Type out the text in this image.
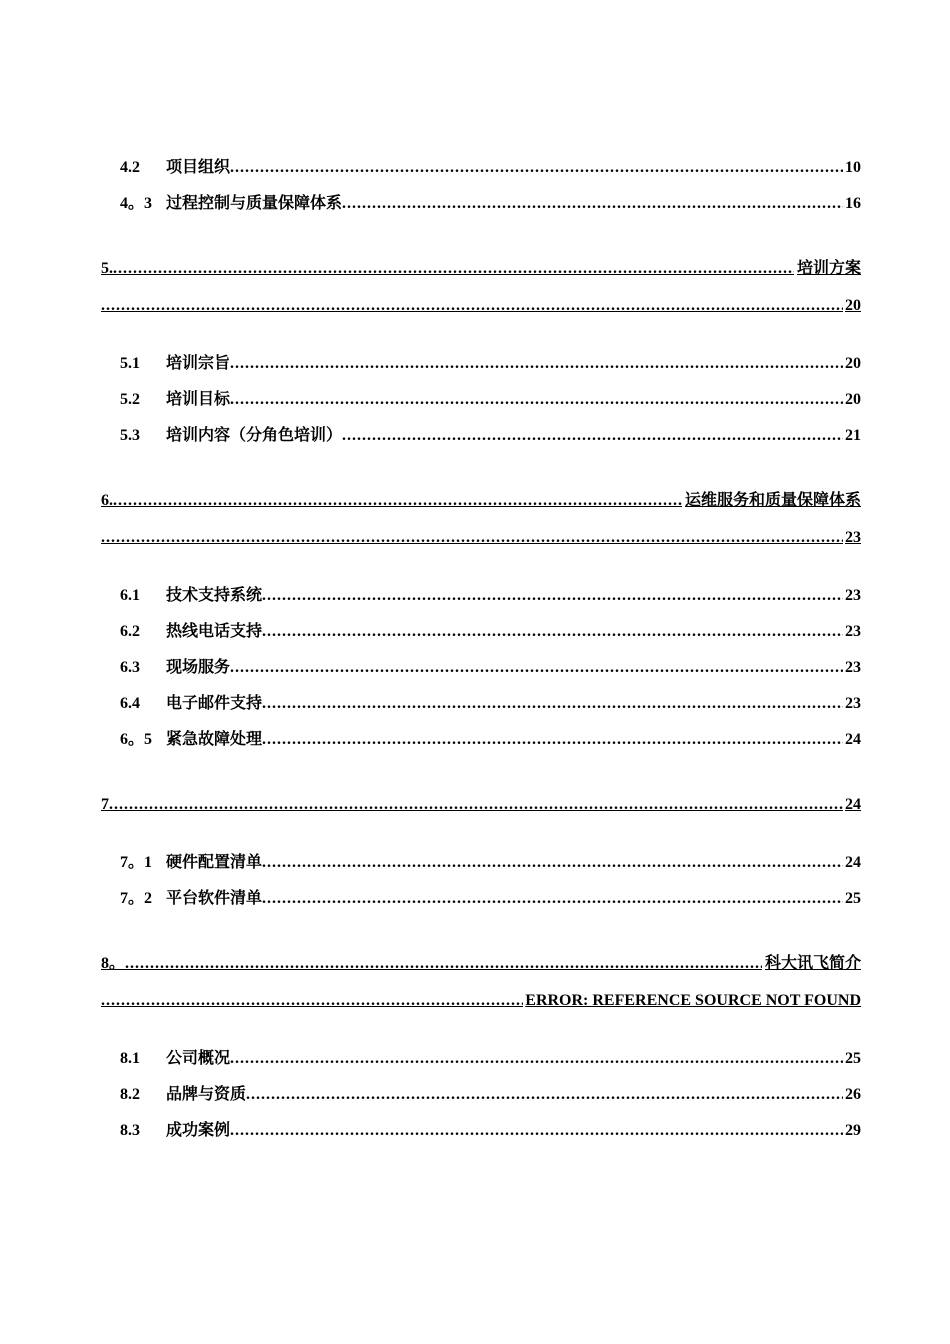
4.2	项目组织 .....	10
4。3 过程控制与质量保障体系 .....	16
5. .....	培训方案
.....
20
5.1	培训宗旨 .....	20
5.2	培训目标 .....	20
5.3	培训内容（分角色培训） .....	21
6. .....	运维服务和质量保障体系
.....
23
6.1	技术支持系统 .....	23
6.2	热线电话支持 .....	23
6.3	现场服务 .....	23
6.4	电子邮件支持 .....	23
6。5 紧急故障处理 .....	24
7 .....	24
7。1 硬件配置清单 .....	24
7。2 平台软件清单 .....	25
8。 .....	科大讯飞简介
.....
ERROR: REFERENCE SOURCE NOT FOUND
8.1	公司概况 .....	25
8.2	品牌与资质 .....	26
8.3	成功案例 .....	29
